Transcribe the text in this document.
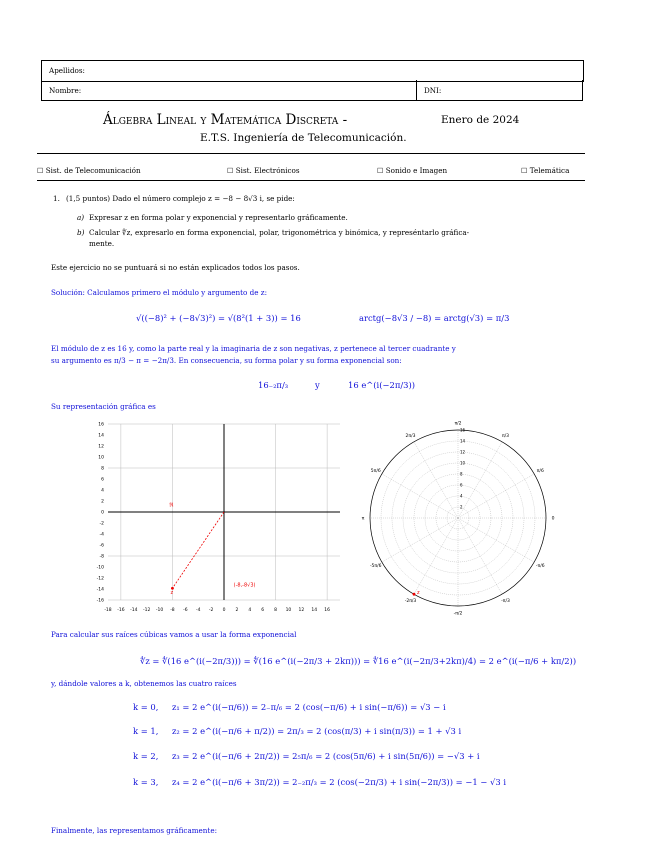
Apellidos:
Nombre:	DNI:
Álgebra Lineal y Matemática Discreta -	Enero de 2024
E.T.S. Ingeniería de Telecomunicación.
☐ Sist. de Telecomunicación	☐ Sist. Electrónicos	☐ Sonido e Imagen	☐ Telemática
1. (1,5 puntos) Dado el número complejo z = −8 − 8√3 i, se pide:
a) Expresar z en forma polar y exponencial y representarlo gráficamente.
b) Calcular ∜z, expresarlo en forma exponencial, polar, trigonométrica y binómica, y represéntarlo gráfica-
mente.
Este ejercicio no se puntuará si no están explicados todos los pasos.
Solución: Calculamos primero el módulo y argumento de z:
√((−8)² + (−8√3)²) = √(8²(1 + 3)) = 16	arctg(−8√3 / −8) = arctg(√3) = π/3
El módulo de z es 16 y, como la parte real y la imaginaria de z son negativas, z pertenece al tercer cuadrante y
su argumento es π/3 − π = −2π/3. En consecuencia, su forma polar y su forma exponencial son:
16₋₂π/₃	y	16 e^(i(−2π/3))
Su representación gráfica es
-18 -16 -14 -12 -10 -8 -6 -4 -2 0 2 4 6 8 10 12 14 16
16
14
12
10
8
6
4
2
0
-2
-4
-6
-8
-10
-12
-14
-16
z
(-8,-8√3)
ℜ
π/2
π/3
π/6
0
-π/6
-π/3
-π/2
-2π/3
-5π/6
π
5π/6
2π/3
2
4
6
8
10
12
14
16
z
Para calcular sus raíces cúbicas vamos a usar la forma exponencial
∜z = ∜(16 e^(i(−2π/3))) = ∜(16 e^(i(−2π/3 + 2kπ))) = ∜16 e^(i(−2π/3+2kπ)/4) = 2 e^(i(−π/6 + kπ/2))
y, dándole valores a k, obtenemos las cuatro raíces
k = 0, z₁ = 2 e^(i(−π/6)) = 2₋π/₆ = 2 (cos(−π/6) + i sin(−π/6)) = √3 − i
k = 1, z₂ = 2 e^(i(−π/6 + π/2)) = 2π/₃ = 2 (cos(π/3) + i sin(π/3)) = 1 + √3 i
k = 2, z₃ = 2 e^(i(−π/6 + 2π/2)) = 2₅π/₆ = 2 (cos(5π/6) + i sin(5π/6)) = −√3 + i
k = 3, z₄ = 2 e^(i(−π/6 + 3π/2)) = 2₋₂π/₃ = 2 (cos(−2π/3) + i sin(−2π/3)) = −1 − √3 i
Finalmente, las representamos gráficamente:
